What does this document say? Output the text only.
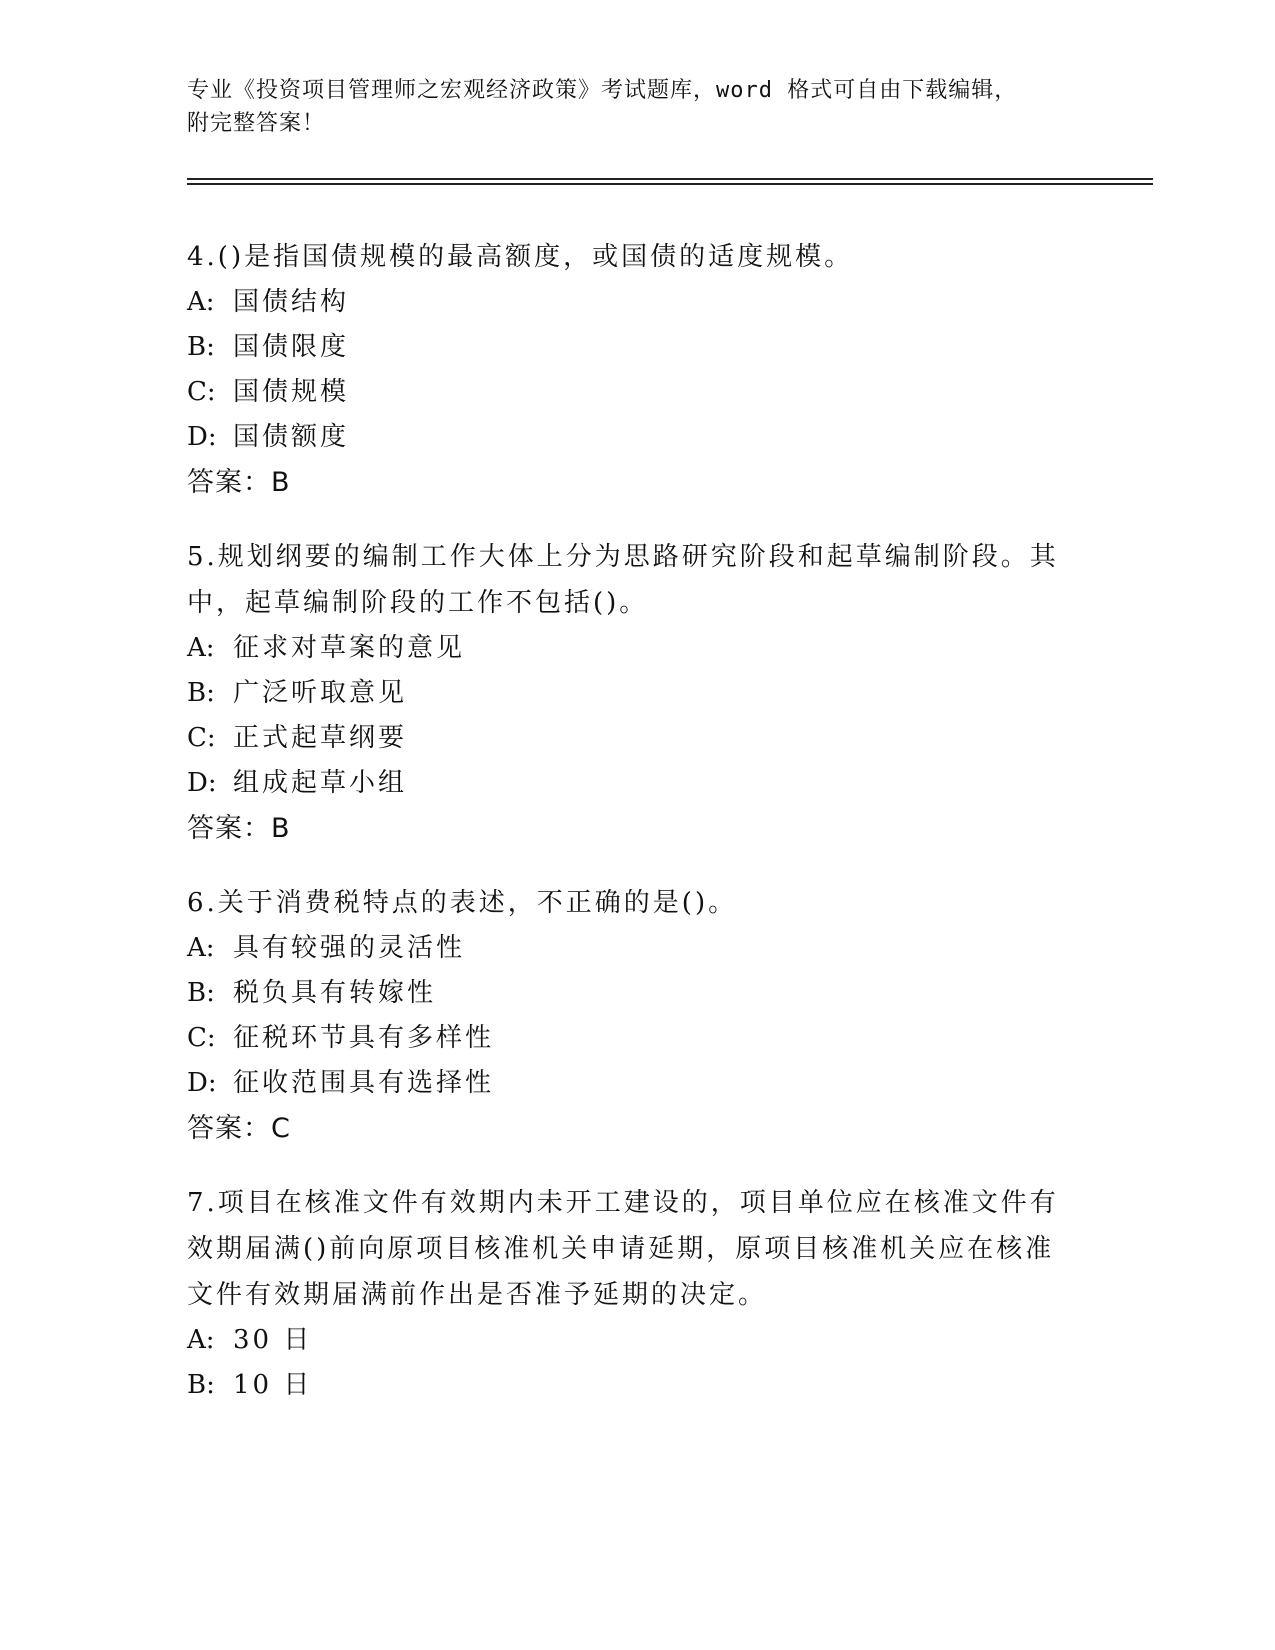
专业《投资项目管理师之宏观经济政策》考试题库，word 格式可自由下载编辑，
附完整答案！

4.()是指国债规模的最高额度，或国债的适度规模。

A: 国债结构

B: 国债限度

C: 国债规模

D: 国债额度

答案：B

5.规划纲要的编制工作大体上分为思路研究阶段和起草编制阶段。其中，起草编制阶段的工作不包括()。

A: 征求对草案的意见

B: 广泛听取意见

C: 正式起草纲要

D: 组成起草小组

答案：B

6.关于消费税特点的表述，不正确的是()。

A: 具有较强的灵活性

B: 税负具有转嫁性

C: 征税环节具有多样性

D: 征收范围具有选择性

答案：C

7.项目在核准文件有效期内未开工建设的，项目单位应在核准文件有效期届满()前向原项目核准机关申请延期，原项目核准机关应在核准文件有效期届满前作出是否准予延期的决定。

A: 30 日

B: 10 日
